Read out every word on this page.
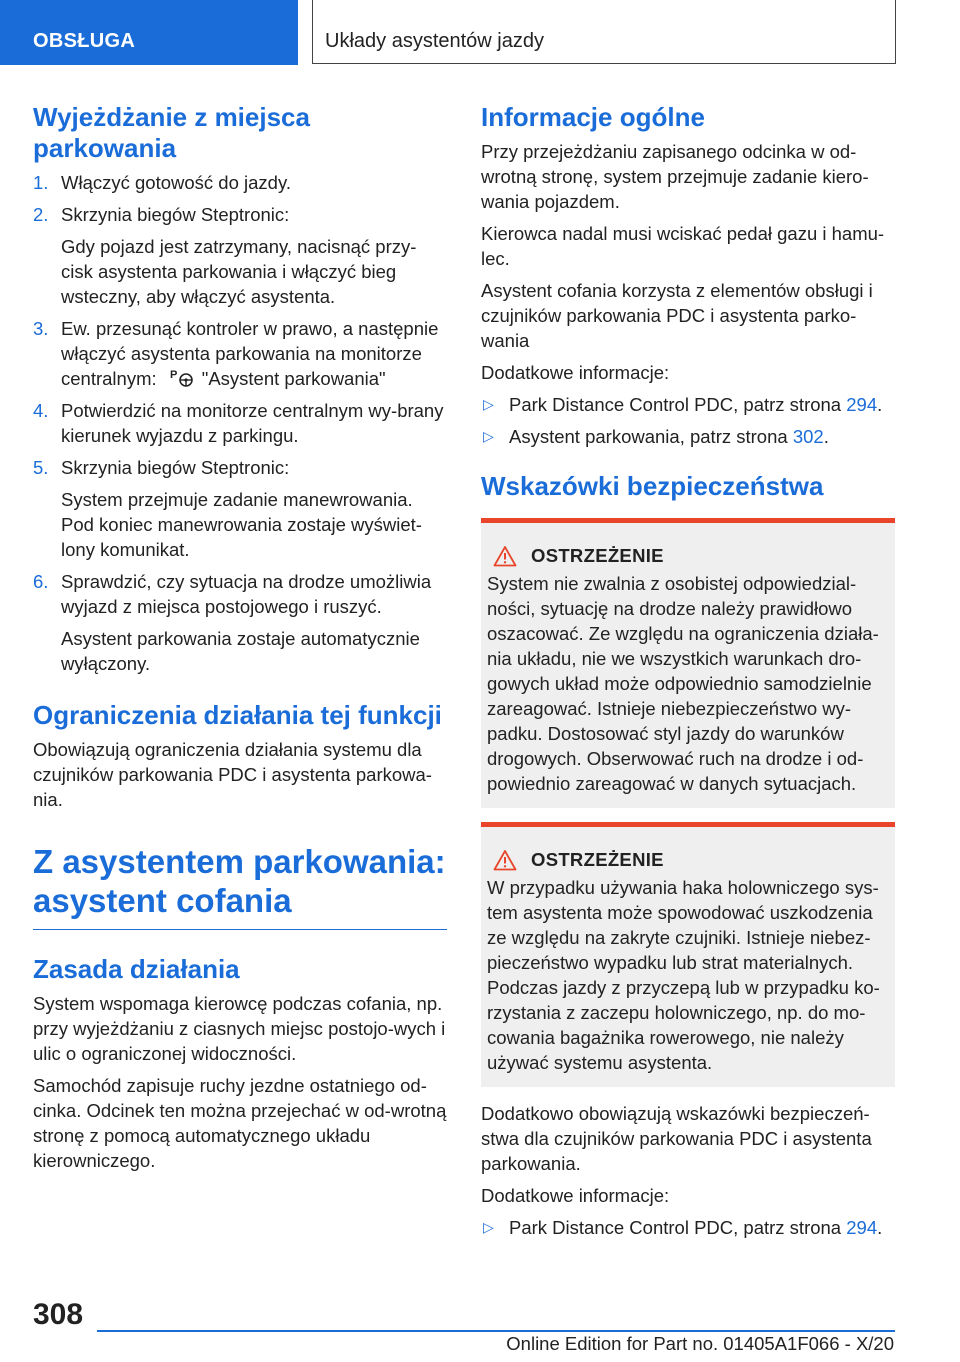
OBSŁUGA	Układy asystentów jazdy
Wyjeżdżanie z miejsca parkowania
1. Włączyć gotowość do jazdy.
2. Skrzynia biegów Steptronic:
Gdy pojazd jest zatrzymany, nacisnąć przy-cisk asystenta parkowania i włączyć bieg wsteczny, aby włączyć asystenta.
3. Ew. przesunąć kontroler w prawo, a następnie włączyć asystenta parkowania na monitorze centralnym: P "Asystent parkowania"
4. Potwierdzić na monitorze centralnym wy-brany kierunek wyjazdu z parkingu.
5. Skrzynia biegów Steptronic:
System przejmuje zadanie manewrowania. Pod koniec manewrowania zostaje wyświet-lony komunikat.
6. Sprawdzić, czy sytuacja na drodze umożliwia wyjazd z miejsca postojowego i ruszyć.
Asystent parkowania zostaje automatycznie wyłączony.
Ograniczenia działania tej funkcji

Obowiązują ograniczenia działania systemu dla czujników parkowania PDC i asystenta parkowa-nia.

Z asystentem parkowania: asystent cofania
Zasada działania

System wspomaga kierowcę podczas cofania, np. przy wyjeżdżaniu z ciasnych miejsc postojo-wych i ulic o ograniczonej widoczności.

Samochód zapisuje ruchy jezdne ostatniego od-cinka. Odcinek ten można przejechać w od-wrotną stronę z pomocą automatycznego układu kierowniczego.

Informacje ogólne

Przy przejeżdżaniu zapisanego odcinka w od-wrotną stronę, system przejmuje zadanie kiero-wania pojazdem.

Kierowca nadal musi wciskać pedał gazu i hamu-lec.

Asystent cofania korzysta z elementów obsługi i czujników parkowania PDC i asystenta parko-wania

Dodatkowe informacje:

▷ Park Distance Control PDC, patrz strona 294.
▷ Asystent parkowania, patrz strona 302.
Wskazówki bezpieczeństwa
OSTRZEŻENIE

System nie zwalnia z osobistej odpowiedzial-ności, sytuację na drodze należy prawidłowo oszacować. Ze względu na ograniczenia działa-nia układu, nie we wszystkich warunkach dro-gowych układ może odpowiednio samodzielnie zareagować. Istnieje niebezpieczeństwo wy-padku. Dostosować styl jazdy do warunków drogowych. Obserwować ruch na drodze i od-powiednio zareagować w danych sytuacjach.

OSTRZEŻENIE

W przypadku używania haka holowniczego sys-tem asystenta może spowodować uszkodzenia ze względu na zakryte czujniki. Istnieje niebez-pieczeństwo wypadku lub strat materialnych. Podczas jazdy z przyczepą lub w przypadku ko-rzystania z zaczepu holowniczego, np. do mo-cowania bagażnika rowerowego, nie należy używać systemu asystenta.

Dodatkowo obowiązują wskazówki bezpieczeń-stwa dla czujników parkowania PDC i asystenta parkowania.

Dodatkowe informacje:

▷ Park Distance Control PDC, patrz strona 294.
308
Online Edition for Part no. 01405A1F066 - X/20
